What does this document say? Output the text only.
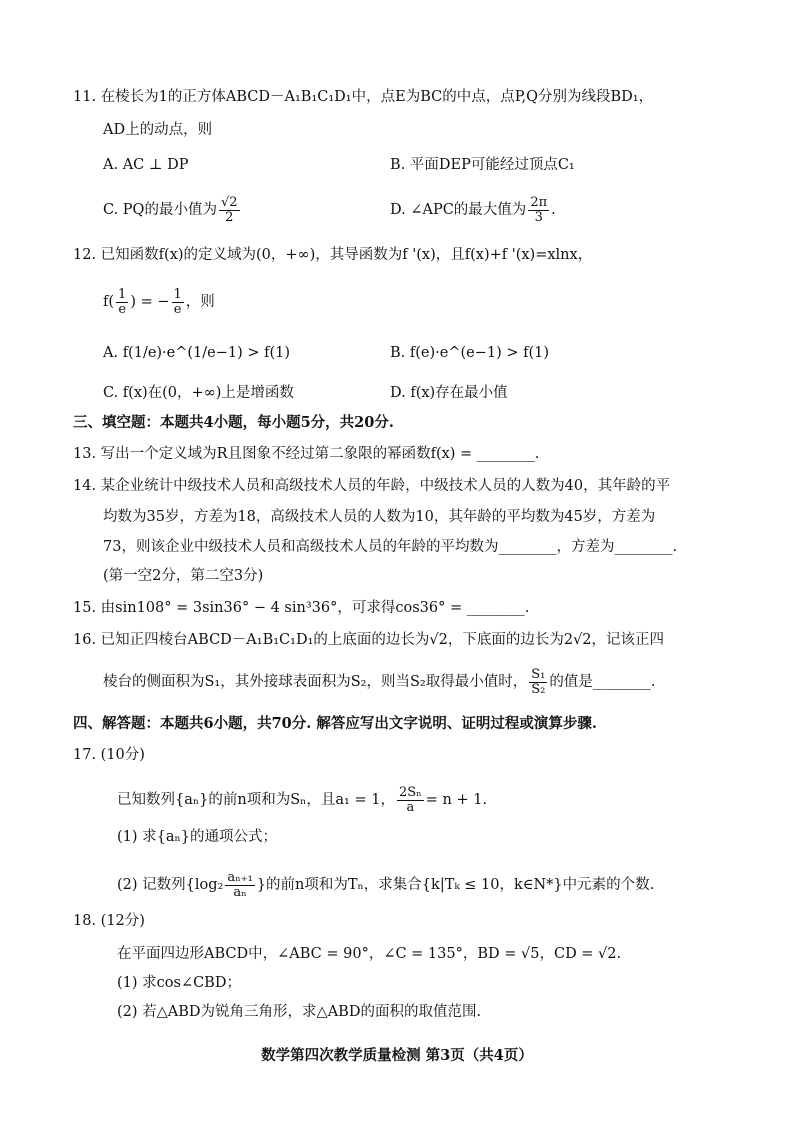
11. 在棱长为1的正方体ABCD－A₁B₁C₁D₁中，点E为BC的中点，点P,Q分别为线段BD₁，
AD上的动点，则
A. AC ⊥ DP	B. 平面DEP可能经过顶点C₁
C. PQ的最小值为 $\frac{√2}{2}$	D. ∠APC的最大值为 $\frac{2\pi}{3}$ .
12. 已知函数f(x)的定义域为(0，+∞)，其导函数为f '(x)，且f(x)+f '(x)=xlnx，
$f( \frac{1}{e}$ ) = − $\frac{1}{e}$ ，则
A. f(1/e)·e^(1/e−1) > f(1)	B. f(e)·e^(e−1) > f(1)
C. f(x)在(0，+∞)上是增函数	D. f(x)存在最小值
三、填空题：本题共4小题，每小题5分，共20分.
13. 写出一个定义域为R且图象不经过第二象限的幂函数f(x) = ________.
14. 某企业统计中级技术人员和高级技术人员的年龄，中级技术人员的人数为40，其年龄的平
均数为35岁，方差为18，高级技术人员的人数为10，其年龄的平均数为45岁，方差为
73，则该企业中级技术人员和高级技术人员的年龄的平均数为________，方差为________.
(第一空2分，第二空3分)
15. 由sin108° = 3sin36° − 4 sin³36°，可求得cos36° = ________.
16. 已知正四棱台ABCD－A₁B₁C₁D₁的上底面的边长为√2，下底面的边长为2√2，记该正四
棱台的侧面积为S₁，其外接球表面积为S₂，则当S₂取得最小值时， $\frac{\text{S₁}}{\text{S₂}}$ 的值是________.
四、解答题：本题共6小题，共70分. 解答应写出文字说明、证明过程或演算步骤.
17. (10分)
已知数列{aₙ}的前n项和为Sₙ，且a₁ = 1， $\frac{\text{2Sₙ}}{a} = n + 1$.
(1) 求{aₙ}的通项公式；
(2) 记数列{$\log_2 \frac{\text{aₙ₊₁}}{\text{aₙ}}$ }的前n项和为Tₙ，求集合{k|Tₖ ≤ 10，k∈N*}中元素的个数.
18. (12分)
在平面四边形ABCD中，∠ABC = 90°，∠C = 135°，BD = √5，CD = √2.
(1) 求cos∠CBD；
(2) 若△ABD为锐角三角形，求△ABD的面积的取值范围.
数学第四次教学质量检测 第3页（共4页）
